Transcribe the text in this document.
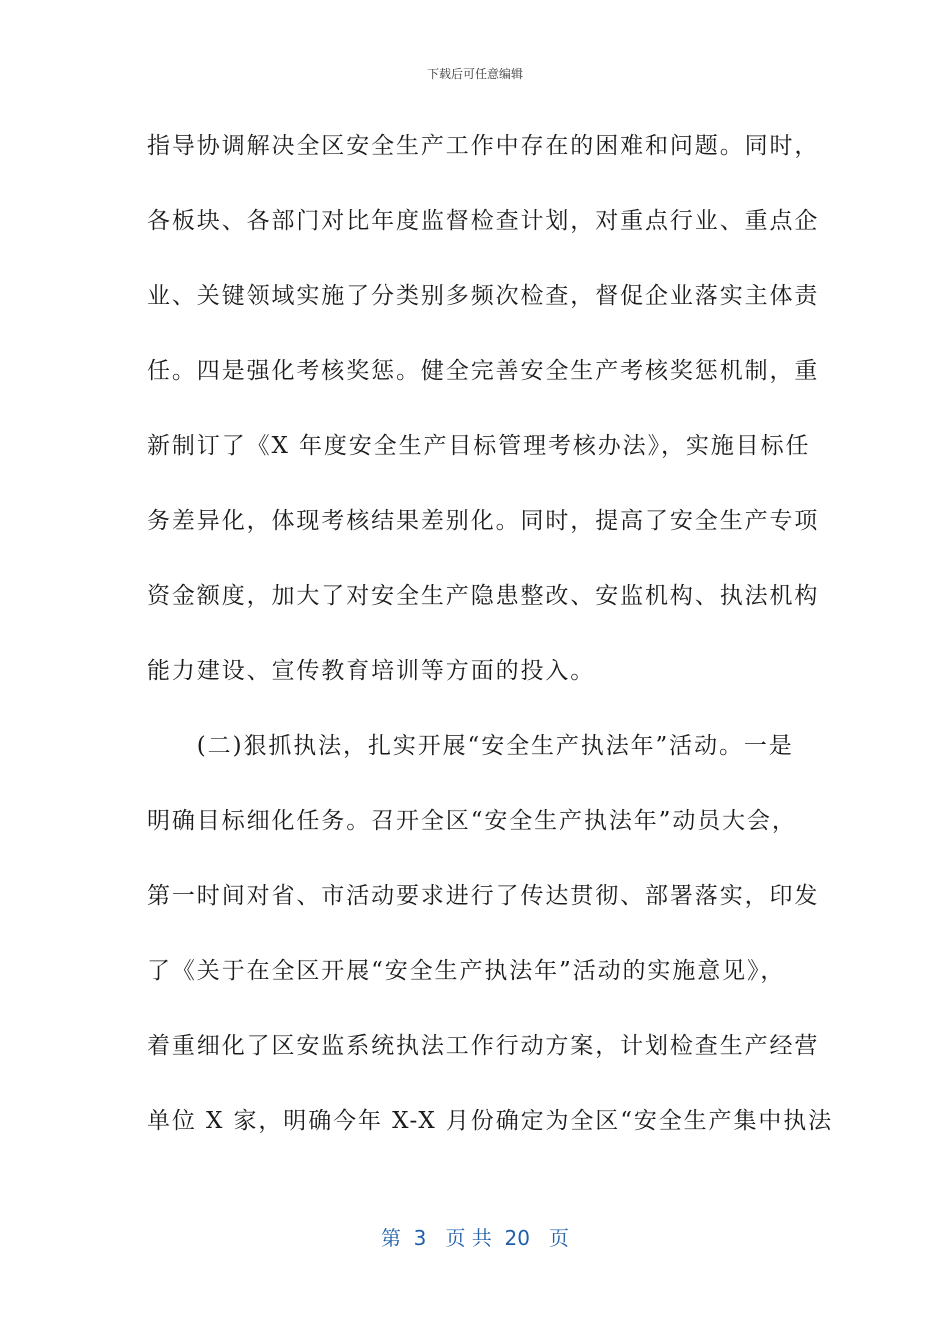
下载后可任意编辑
指导协调解决全区安全生产工作中存在的困难和问题。同时，
各板块、各部门对比年度监督检查计划，对重点行业、重点企
业、关键领域实施了分类别多频次检查，督促企业落实主体责
任。四是强化考核奖惩。健全完善安全生产考核奖惩机制，重
新制订了《X 年度安全生产目标管理考核办法》，实施目标任
务差异化，体现考核结果差别化。同时，提高了安全生产专项
资金额度，加大了对安全生产隐患整改、安监机构、执法机构
能力建设、宣传教育培训等方面的投入。
　　(二)狠抓执法，扎实开展“安全生产执法年”活动。一是
明确目标细化任务。召开全区“安全生产执法年”动员大会，
第一时间对省、市活动要求进行了传达贯彻、部署落实，印发
了《关于在全区开展“安全生产执法年”活动的实施意见》，
着重细化了区安监系统执法工作行动方案，计划检查生产经营
单位 X 家，明确今年 X-X 月份确定为全区“安全生产集中执法
第  3   页 共  20   页
